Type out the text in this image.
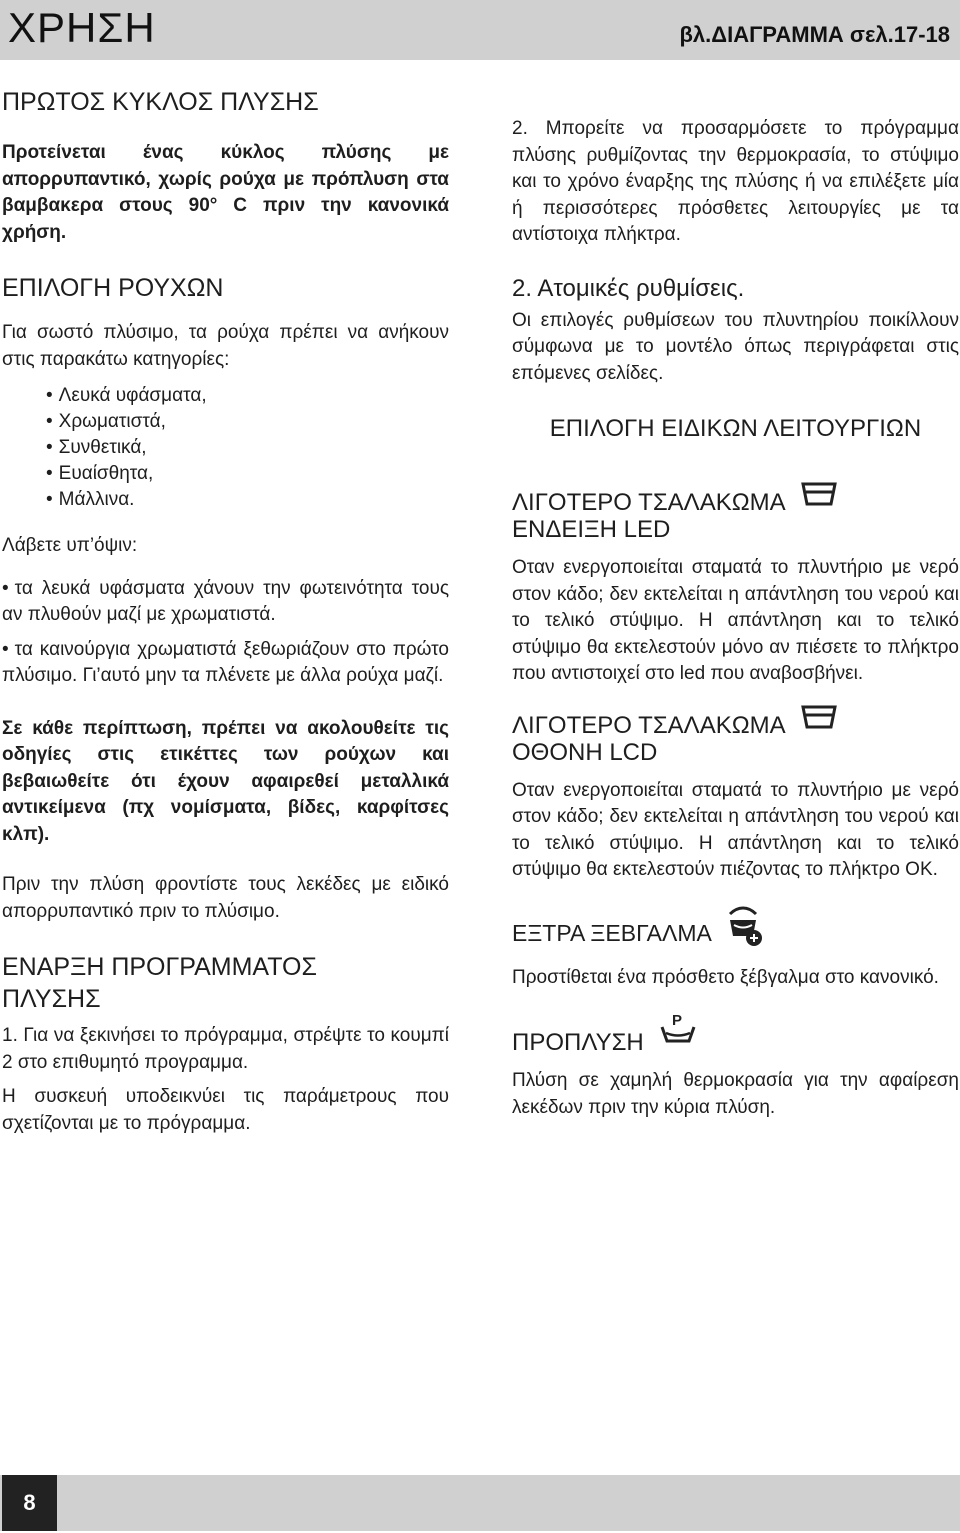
ΧΡΗΣΗ	βλ.ΔΙΑΓΡΑΜΜΑ σελ.17-18
ΠΡΩΤΟΣ ΚΥΚΛΟΣ ΠΛΥΣΗΣ

Προτείνεται ένας κύκλος πλύσης με απορρυπαντικό, χωρίς ρούχα με πρόπλυση στα βαμβακερα στους 90° C πριν την κανονικά χρήση.

ΕΠΙΛΟΓΗ ΡΟΥΧΩΝ

Για σωστό πλύσιμο, τα ρούχα πρέπει να ανήκουν στις παρακάτω κατηγορίες:

• Λευκά υφάσματα,
• Χρωματιστά,
• Συνθετικά,
• Ευαίσθητα,
• Μάλλινα.

Λάβετε υπ’όψιν:

• τα λευκά υφάσματα χάνουν την φωτεινότητα τους αν πλυθούν μαζί με χρωματιστά.

• τα καινούργια χρωματιστά ξεθωριάζουν στο πρώτο πλύσιμο. Γι’αυτό μην τα πλένετε με άλλα ρούχα μαζί.

Σε κάθε περίπτωση, πρέπει να ακολουθείτε τις οδηγίες στις ετικέττες των ρούχων και βεβαιωθείτε ότι έχουν αφαιρεθεί μεταλλικά αντικείμενα (πχ νομίσματα, βίδες, καρφίτσες κλπ).

Πριν την πλύση φροντίστε τους λεκέδες με ειδικό απορρυπαντικό πριν το πλύσιμο.

ΕΝΑΡΞΗ ΠΡΟΓΡΑΜΜΑΤΟΣ
ΠΛΥΣΗΣ

1. Για να ξεκινήσει το πρόγραμμα, στρέψτε το κουμπί 2 στο επιθυμητό προγραμμα.

Η συσκευή υποδεικνύει τις παράμετρους που σχετίζονται με το πρόγραμμα.

2. Μπορείτε να προσαρμόσετε το πρόγραμμα πλύσης ρυθμίζοντας την θερμοκρασία, το στύψιμο και το χρόνο έναρξης της πλύσης ή να επιλέξετε μία ή περισσότερες πρόσθετες λειτουργίες με τα αντίστοιχα πλήκτρα.

2. Ατομικές ρυθμίσεις.

Οι επιλογές ρυθμίσεων του πλυντηρίου ποικίλλουν σύμφωνα με το μοντέλο όπως περιγράφεται στις επόμενες σελίδες.

ΕΠΙΛΟΓΗ ΕΙΔΙΚΩΝ ΛΕΙΤΟΥΡΓΙΩΝ

ΛΙΓΟΤΕΡΟ ΤΣΑΛΑΚΩΜΑ
ΕΝΔΕΙΞΗ LED

Οταν ενεργοποιείται σταματά το πλυντήριο με νερό στον κάδο; δεν εκτελείται η απάντληση του νερού και το τελικό στύψιμο. Η απάντληση και το τελικό στύψιμο θα εκτελεστούν μόνο αν πιέσετε το πλήκτρο που αντιστοιχεί στο led που αναβοσβήνει.

ΛΙΓΟΤΕΡΟ ΤΣΑΛΑΚΩΜΑ
ΟΘΟΝΗ LCD

Οταν ενεργοποιείται σταματά το πλυντήριο με νερό στον κάδο; δεν εκτελείται η απάντληση του νερού και το τελικό στύψιμο. Η απάντληση και το τελικό στύψιμο θα εκτελεστούν πιέζοντας το πλήκτρο OK.

ΕΞΤΡΑ ΞΕΒΓΑΛΜΑ

Προστίθεται ένα πρόσθετο ξέβγαλμα στο κανονικό.

ΠΡΟΠΛΥΣΗ
P

Πλύση σε χαμηλή θερμοκρασία για την αφαίρεση λεκέδων πριν την κύρια πλύση.

8
